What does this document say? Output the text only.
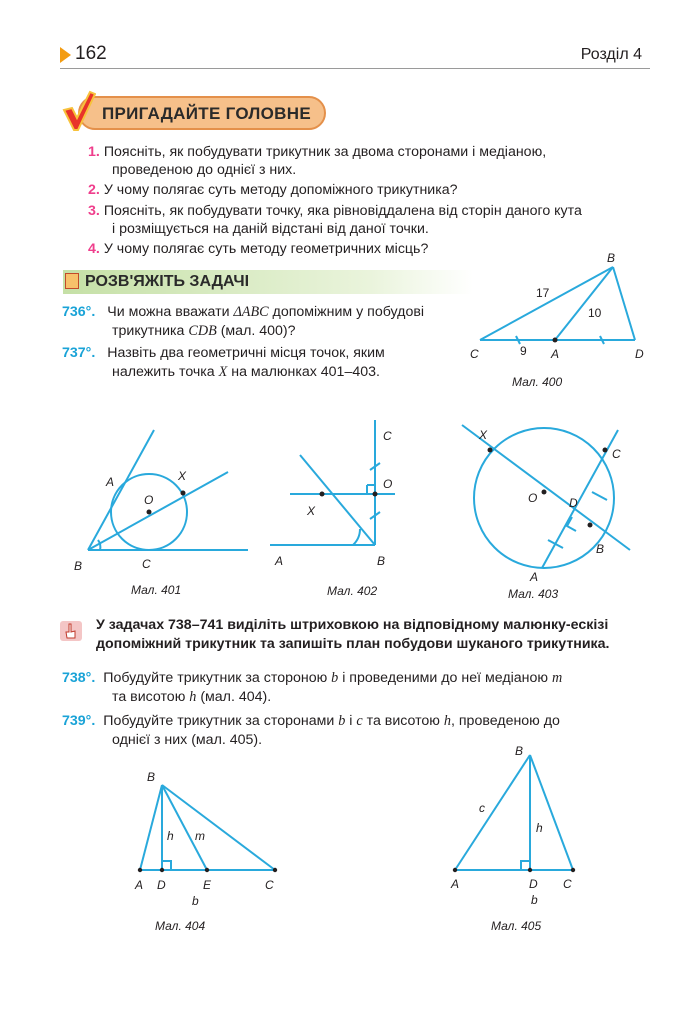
162	Розділ 4
ПРИГАДАЙТЕ ГОЛОВНЕ
1. Поясніть, як побудувати трикутник за двома сторонами і медіаною,
проведеною до однієї з них.
2. У чому полягає суть методу допоміжного трикутника?
3. Поясніть, як побудувати точку, яка рівновіддалена від сторін даного кута
і розміщується на даній відстані від даної точки.
4. У чому полягає суть методу геометричних місць?
РОЗВ'ЯЖІТЬ ЗАДАЧІ
736°. Чи можна вважати ΔABC допоміжним у побудові
трикутника CDB (мал. 400)?
737°. Назвіть два геометричні місця точок, яким
належить точка X на малюнках 401–403.
B
C	A	D
17
10
9
Мал. 400
A	X
O
B	C
Мал. 401
C
O
X
A	B
Мал. 402
X
C
O	D
B
A
Мал. 403
У задачах 738–741 виділіть штриховкою на відповідному малюнку-ескізі допоміжний трикутник та запишіть план побудови шуканого трикутника.
738°. Побудуйте трикутник за стороною b і проведеними до неї медіаною m
та висотою h (мал. 404).
739°. Побудуйте трикутник за сторонами b і c та висотою h, проведеною до
однієї з них (мал. 405).
B
h m
A D	E	C
b
Мал. 404
B
c
h
A	D C
b
Мал. 405
